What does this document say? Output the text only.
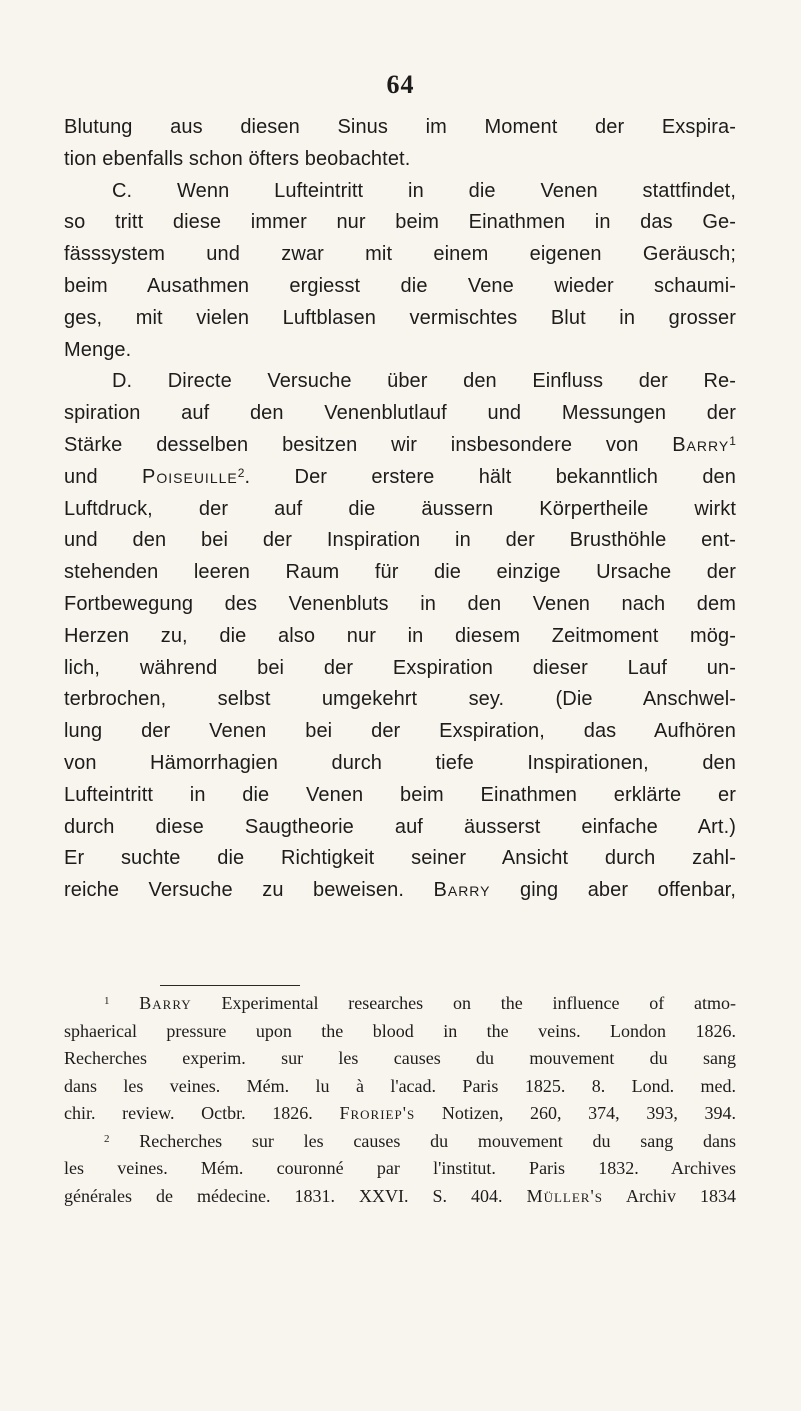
64
Blutung aus diesen Sinus im Moment der Exspira-
tion ebenfalls schon öfters beobachtet.
C. Wenn Lufteintritt in die Venen stattfindet,
so tritt diese immer nur beim Einathmen in das Ge-
fässsystem und zwar mit einem eigenen Geräusch;
beim Ausathmen ergiesst die Vene wieder schaumi-
ges, mit vielen Luftblasen vermischtes Blut in grosser
Menge.
D. Directe Versuche über den Einfluss der Re-
spiration auf den Venenblutlauf und Messungen der
Stärke desselben besitzen wir insbesondere von Barry$^1$
und Poiseuille$^2$. Der erstere hält bekanntlich den
Luftdruck, der auf die äussern Körpertheile wirkt
und den bei der Inspiration in der Brusthöhle ent-
stehenden leeren Raum für die einzige Ursache der
Fortbewegung des Venenbluts in den Venen nach dem
Herzen zu, die also nur in diesem Zeitmoment mög-
lich, während bei der Exspiration dieser Lauf un-
terbrochen, selbst umgekehrt sey. (Die Anschwel-
lung der Venen bei der Exspiration, das Aufhören
von Hämorrhagien durch tiefe Inspirationen, den
Lufteintritt in die Venen beim Einathmen erklärte er
durch diese Saugtheorie auf äusserst einfache Art.)
Er suchte die Richtigkeit seiner Ansicht durch zahl-
reiche Versuche zu beweisen. Barry ging aber offenbar,
$^1$ Barry Experimental researches on the influence of atmo-
sphaerical pressure upon the blood in the veins. London 1826.
Recherches experim. sur les causes du mouvement du sang
dans les veines. Mém. lu à l'acad. Paris 1825. 8. Lond. med.
chir. review. Octbr. 1826. Froriep's Notizen, 260, 374, 393, 394.
$^2$ Recherches sur les causes du mouvement du sang dans
les veines. Mém. couronné par l'institut. Paris 1832. Archives
générales de médecine. 1831. XXVI. S. 404. Müller's Archiv 1834
